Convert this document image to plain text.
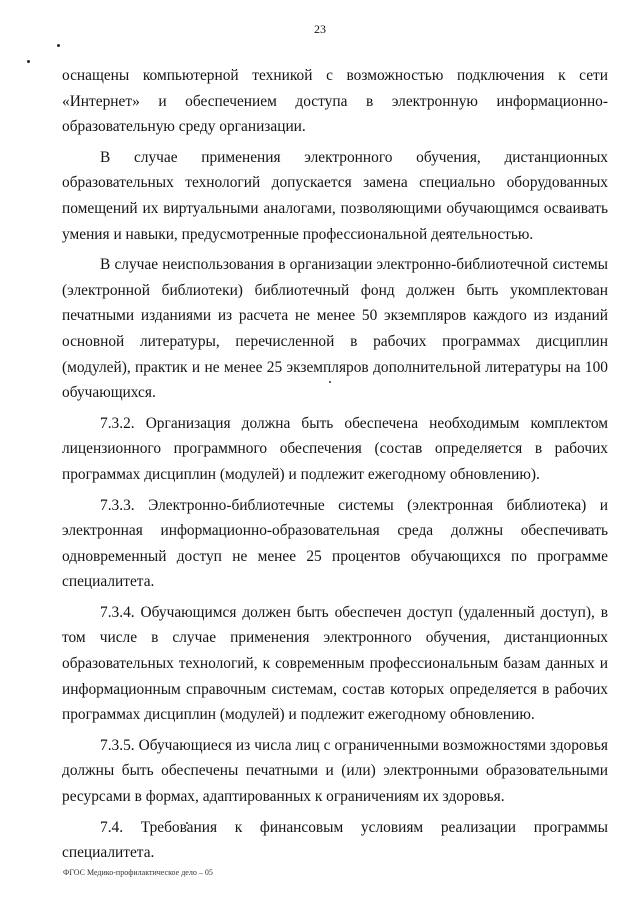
23

оснащены компьютерной техникой с возможностью подключения к сети «Интернет» и обеспечением доступа в электронную информационно-образовательную среду организации.

В случае применения электронного обучения, дистанционных образовательных технологий допускается замена специально оборудованных помещений их виртуальными аналогами, позволяющими обучающимся осваивать умения и навыки, предусмотренные профессиональной деятельностью.

В случае неиспользования в организации электронно-библиотечной системы (электронной библиотеки) библиотечный фонд должен быть укомплектован печатными изданиями из расчета не менее 50 экземпляров каждого из изданий основной литературы, перечисленной в рабочих программах дисциплин (модулей), практик и не менее 25 экземпляров дополнительной литературы на 100 обучающихся.

7.3.2. Организация должна быть обеспечена необходимым комплектом лицензионного программного обеспечения (состав определяется в рабочих программах дисциплин (модулей) и подлежит ежегодному обновлению).

7.3.3. Электронно-библиотечные системы (электронная библиотека) и электронная информационно-образовательная среда должны обеспечивать одновременный доступ не менее 25 процентов обучающихся по программе специалитета.

7.3.4. Обучающимся должен быть обеспечен доступ (удаленный доступ), в том числе в случае применения электронного обучения, дистанционных образовательных технологий, к современным профессиональным базам данных и информационным справочным системам, состав которых определяется в рабочих программах дисциплин (модулей) и подлежит ежегодному обновлению.

7.3.5. Обучающиеся из числа лиц с ограниченными возможностями здоровья должны быть обеспечены печатными и (или) электронными образовательными ресурсами в формах, адаптированных к ограничениям их здоровья.

7.4. Требования к финансовым условиям реализации программы специалитета.

ФГОС Медико-профилактическое дело – 05
